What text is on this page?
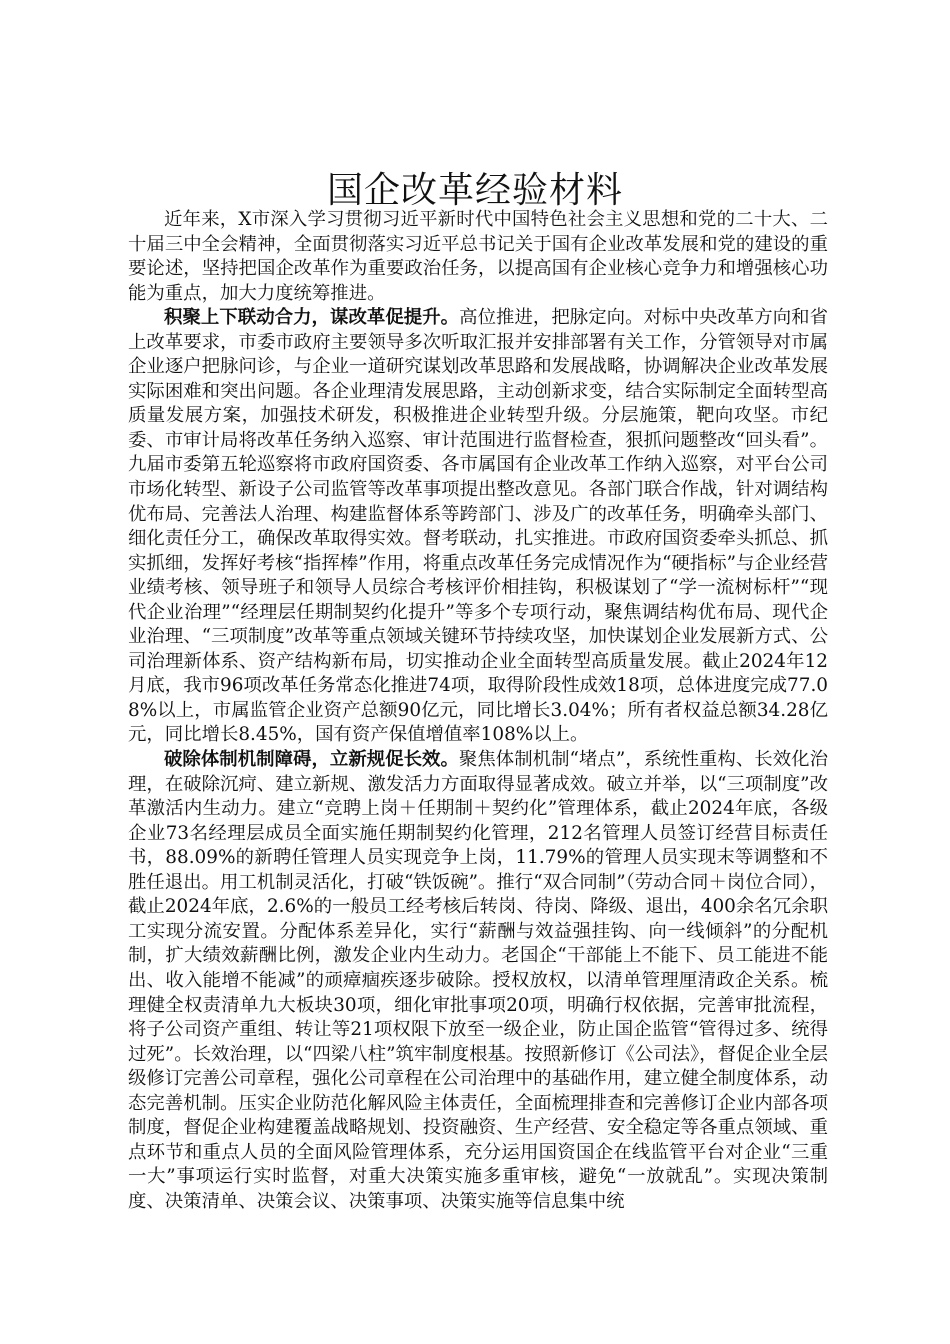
国企改革经验材料

近年来，X市深入学习贯彻习近平新时代中国特色社会主义思想和党的二十大、二十届三中全会精神，全面贯彻落实习近平总书记关于国有企业改革发展和党的建设的重要论述，坚持把国企改革作为重要政治任务，以提高国有企业核心竞争力和增强核心功能为重点，加大力度统筹推进。

积聚上下联动合力，谋改革促提升。高位推进，把脉定向。对标中央改革方向和省上改革要求，市委市政府主要领导多次听取汇报并安排部署有关工作，分管领导对市属企业逐户把脉问诊，与企业一道研究谋划改革思路和发展战略，协调解决企业改革发展实际困难和突出问题。各企业理清发展思路，主动创新求变，结合实际制定全面转型高质量发展方案，加强技术研发，积极推进企业转型升级。分层施策，靶向攻坚。市纪委、市审计局将改革任务纳入巡察、审计范围进行监督检查，狠抓问题整改“回头看”。九届市委第五轮巡察将市政府国资委、各市属国有企业改革工作纳入巡察，对平台公司市场化转型、新设子公司监管等改革事项提出整改意见。各部门联合作战，针对调结构优布局、完善法人治理、构建监督体系等跨部门、涉及广的改革任务，明确牵头部门、细化责任分工，确保改革取得实效。督考联动，扎实推进。市政府国资委牵头抓总、抓实抓细，发挥好考核“指挥棒”作用，将重点改革任务完成情况作为“硬指标”与企业经营业绩考核、领导班子和领导人员综合考核评价相挂钩，积极谋划了“学一流树标杆”“现代企业治理”“经理层任期制契约化提升”等多个专项行动，聚焦调结构优布局、现代企业治理、“三项制度”改革等重点领域关键环节持续攻坚，加快谋划企业发展新方式、公司治理新体系、资产结构新布局，切实推动企业全面转型高质量发展。截止2024年12月底，我市96项改革任务常态化推进74项，取得阶段性成效18项，总体进度完成77.08%以上，市属监管企业资产总额90亿元，同比增长3.04%；所有者权益总额34.28亿元，同比增长8.45%，国有资产保值增值率108%以上。

破除体制机制障碍，立新规促长效。聚焦体制机制“堵点”，系统性重构、长效化治理，在破除沉疴、建立新规、激发活力方面取得显著成效。破立并举，以“三项制度”改革激活内生动力。建立“竞聘上岗＋任期制＋契约化”管理体系，截止2024年底，各级企业73名经理层成员全面实施任期制契约化管理，212名管理人员签订经营目标责任书，88.09%的新聘任管理人员实现竞争上岗，11.79%的管理人员实现末等调整和不胜任退出。用工机制灵活化，打破“铁饭碗”。推行“双合同制”（劳动合同＋岗位合同），截止2024年底，2.6%的一般员工经考核后转岗、待岗、降级、退出，400余名冗余职工实现分流安置。分配体系差异化，实行“薪酬与效益强挂钩、向一线倾斜”的分配机制，扩大绩效薪酬比例，激发企业内生动力。老国企“干部能上不能下、员工能进不能出、收入能增不能减”的顽瘴痼疾逐步破除。授权放权，以清单管理厘清政企关系。梳理健全权责清单九大板块30项，细化审批事项20项，明确行权依据，完善审批流程，将子公司资产重组、转让等21项权限下放至一级企业，防止国企监管“管得过多、统得过死”。长效治理，以“四梁八柱”筑牢制度根基。按照新修订《公司法》，督促企业全层级修订完善公司章程，强化公司章程在公司治理中的基础作用，建立健全制度体系，动态完善机制。压实企业防范化解风险主体责任，全面梳理排查和完善修订企业内部各项制度，督促企业构建覆盖战略规划、投资融资、生产经营、安全稳定等各重点领域、重点环节和重点人员的全面风险管理体系，充分运用国资国企在线监管平台对企业“三重一大”事项运行实时监督，对重大决策实施多重审核，避免“一放就乱”。实现决策制度、决策清单、决策会议、决策事项、决策实施等信息集中统
